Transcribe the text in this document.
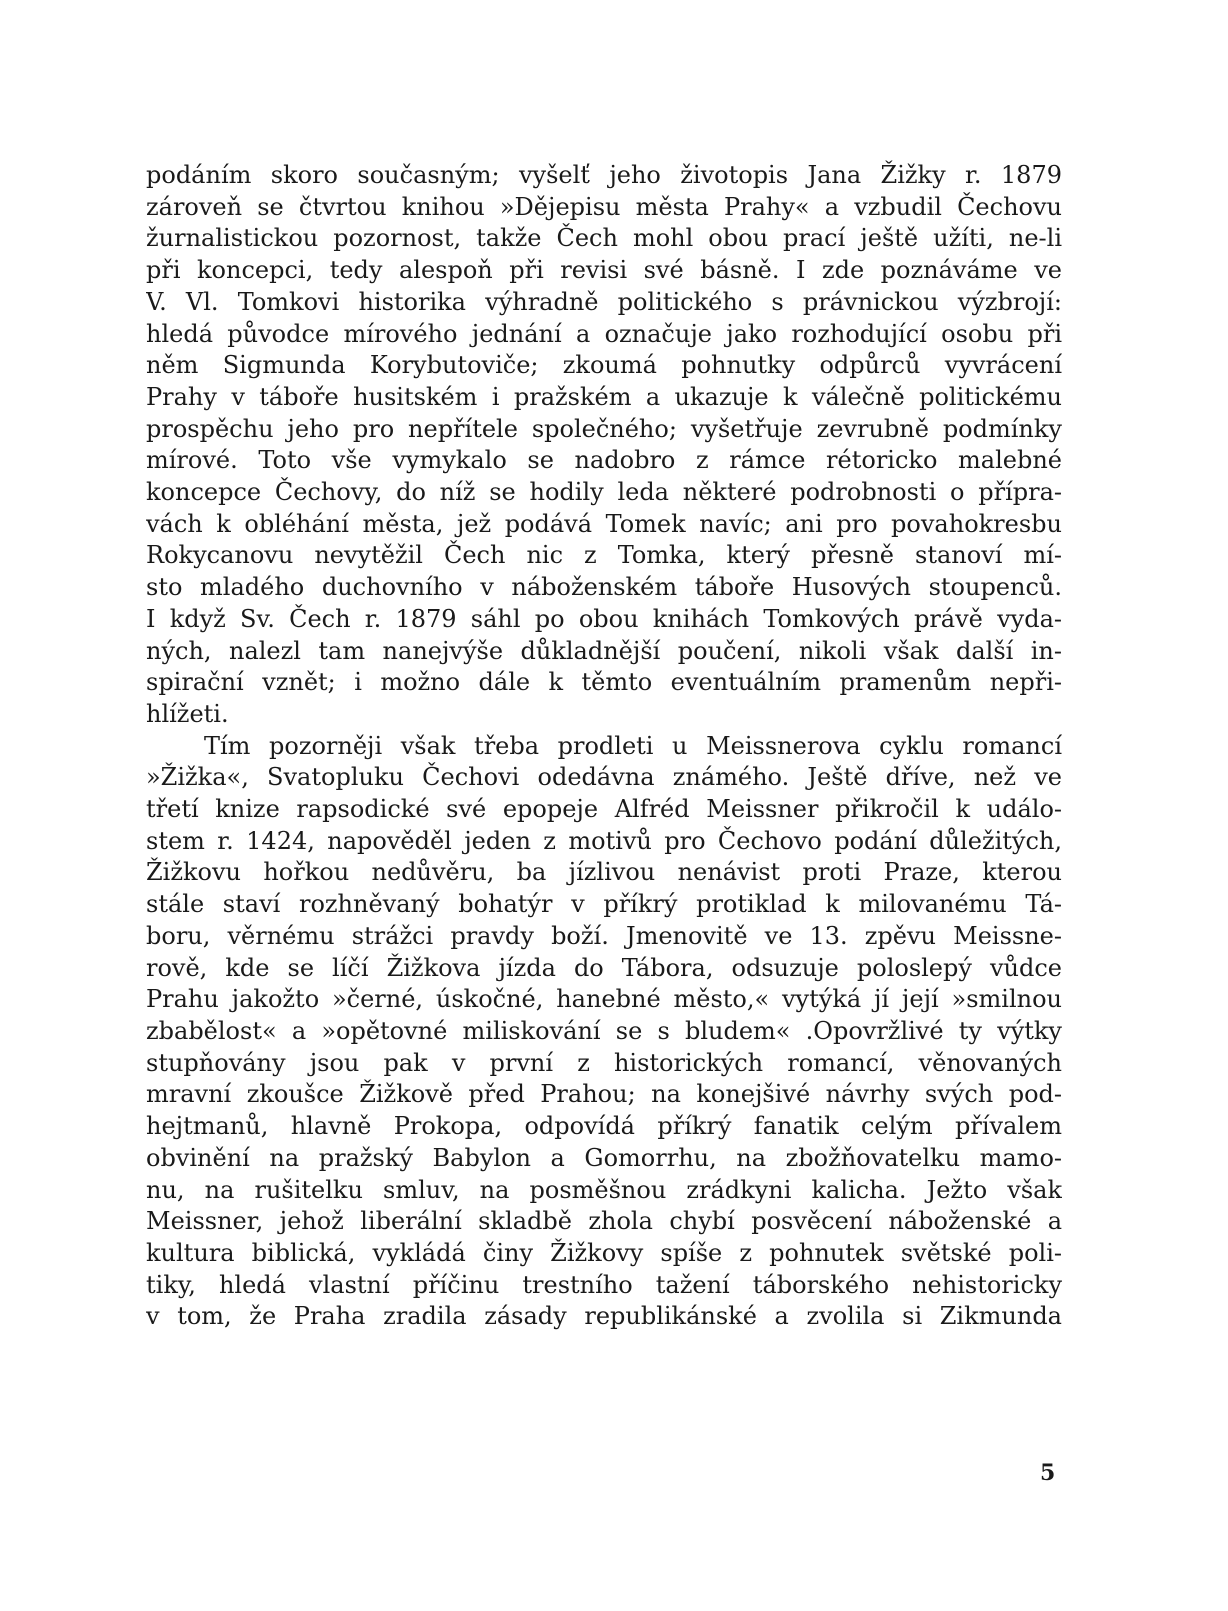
podáním skoro současným; vyšelť jeho životopis Jana Žižky r. 1879
zároveň se čtvrtou knihou »Dějepisu města Prahy« a vzbudil Čechovu
žurnalistickou pozornost, takže Čech mohl obou prací ještě užíti, ne-li
při koncepci, tedy alespoň při revisi své básně. I zde poznáváme ve
V. Vl. Tomkovi historika výhradně politického s právnickou výzbrojí:
hledá původce mírového jednání a označuje jako rozhodující osobu při
něm Sigmunda Korybutoviče; zkoumá pohnutky odpůrců vyvrácení
Prahy v táboře husitském i pražském a ukazuje k válečně politickému
prospěchu jeho pro nepřítele společného; vyšetřuje zevrubně podmínky
mírové. Toto vše vymykalo se nadobro z rámce rétoricko malebné
koncepce Čechovy, do níž se hodily leda některé podrobnosti o přípra-
vách k obléhání města, jež podává Tomek navíc; ani pro povahokresbu
Rokycanovu nevytěžil Čech nic z Tomka, který přesně stanoví mí-
sto mladého duchovního v náboženském táboře Husových stoupenců.
I když Sv. Čech r. 1879 sáhl po obou knihách Tomkových právě vyda-
ných, nalezl tam nanejvýše důkladnější poučení, nikoli však další in-
spirační vznět; i možno dále k těmto eventuálním pramenům nepři-
hlížeti.
Tím pozorněji však třeba prodleti u Meissnerova cyklu romancí
»Žižka«, Svatopluku Čechovi odedávna známého. Ještě dříve, než ve
třetí knize rapsodické své epopeje Alfréd Meissner přikročil k událo-
stem r. 1424, napověděl jeden z motivů pro Čechovo podání důležitých,
Žižkovu hořkou nedůvěru, ba jízlivou nenávist proti Praze, kterou
stále staví rozhněvaný bohatýr v příkrý protiklad k milovanému Tá-
boru, věrnému strážci pravdy boží. Jmenovitě ve 13. zpěvu Meissne-
rově, kde se líčí Žižkova jízda do Tábora, odsuzuje poloslepý vůdce
Prahu jakožto »černé, úskočné, hanebné město,« vytýká jí její »smilnou
zbabělost« a »opětovné miliskování se s bludem« .Opovržlivé ty výtky
stupňovány jsou pak v první z historických romancí, věnovaných
mravní zkoušce Žižkově před Prahou; na konejšivé návrhy svých pod-
hejtmanů, hlavně Prokopa, odpovídá příkrý fanatik celým přívalem
obvinění na pražský Babylon a Gomorrhu, na zbožňovatelku mamo-
nu, na rušitelku smluv, na posměšnou zrádkyni kalicha. Ježto však
Meissner, jehož liberální skladbě zhola chybí posvěcení náboženské a
kultura biblická, vykládá činy Žižkovy spíše z pohnutek světské poli-
tiky, hledá vlastní příčinu trestního tažení táborského nehistoricky
v tom, že Praha zradila zásady republikánské a zvolila si Zikmunda
5
